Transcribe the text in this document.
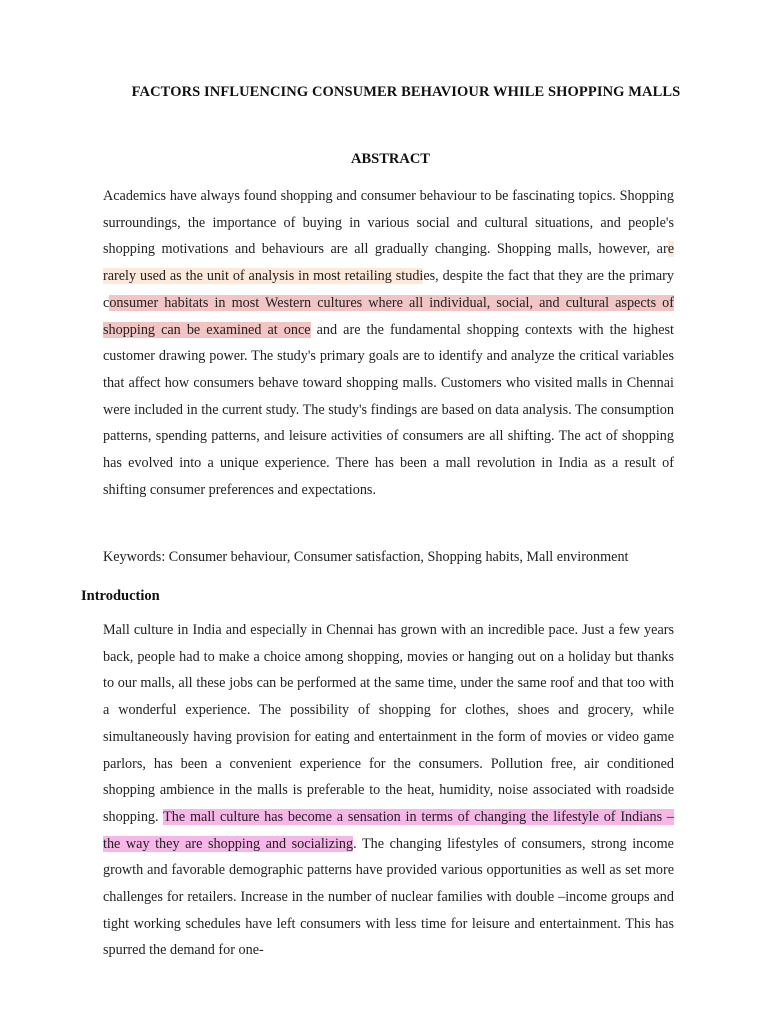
FACTORS INFLUENCING CONSUMER BEHAVIOUR WHILE SHOPPING MALLS
ABSTRACT

Academics have always found shopping and consumer behaviour to be fascinating topics. Shopping surroundings, the importance of buying in various social and cultural situations, and people's shopping motivations and behaviours are all gradually changing. Shopping malls, however, are rarely used as the unit of analysis in most retailing studies, despite the fact that they are the primary consumer habitats in most Western cultures where all individual, social, and cultural aspects of shopping can be examined at once and are the fundamental shopping contexts with the highest customer drawing power. The study's primary goals are to identify and analyze the critical variables that affect how consumers behave toward shopping malls. Customers who visited malls in Chennai were included in the current study. The study's findings are based on data analysis. The consumption patterns, spending patterns, and leisure activities of consumers are all shifting. The act of shopping has evolved into a unique experience. There has been a mall revolution in India as a result of shifting consumer preferences and expectations.

Keywords: Consumer behaviour, Consumer satisfaction, Shopping habits, Mall environment
Introduction

Mall culture in India and especially in Chennai has grown with an incredible pace. Just a few years back, people had to make a choice among shopping, movies or hanging out on a holiday but thanks to our malls, all these jobs can be performed at the same time, under the same roof and that too with a wonderful experience. The possibility of shopping for clothes, shoes and grocery, while simultaneously having provision for eating and entertainment in the form of movies or video game parlors, has been a convenient experience for the consumers. Pollution free, air conditioned shopping ambience in the malls is preferable to the heat, humidity, noise associated with roadside shopping. The mall culture has become a sensation in terms of changing the lifestyle of Indians – the way they are shopping and socializing. The changing lifestyles of consumers, strong income growth and favorable demographic patterns have provided various opportunities as well as set more challenges for retailers. Increase in the number of nuclear families with double –income groups and tight working schedules have left consumers with less time for leisure and entertainment. This has spurred the demand for one-
